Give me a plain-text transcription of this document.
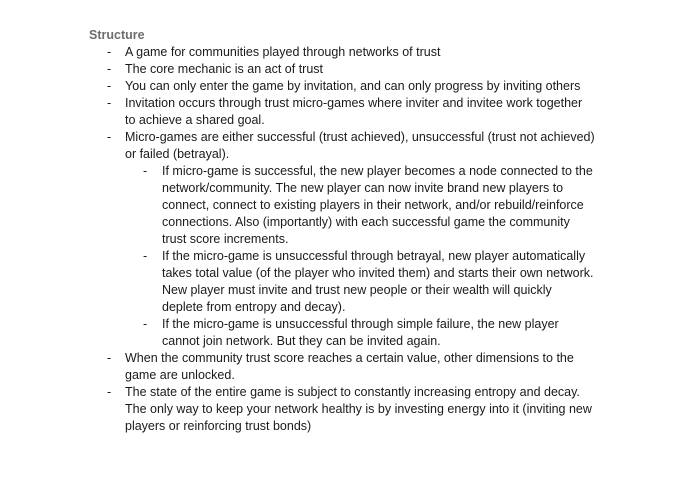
Structure
- A game for communities played through networks of trust
- The core mechanic is an act of trust
- You can only enter the game by invitation, and can only progress by inviting others
- Invitation occurs through trust micro-games where inviter and invitee work together to achieve a shared goal.
- Micro-games are either successful (trust achieved), unsuccessful (trust not achieved) or failed (betrayal).
- If micro-game is successful, the new player becomes a node connected to the network/community. The new player can now invite brand new players to connect, connect to existing players in their network, and/or rebuild/reinforce connections. Also (importantly) with each successful game the community trust score increments.
- If the micro-game is unsuccessful through betrayal, new player automatically takes total value (of the player who invited them) and starts their own network. New player must invite and trust new people or their wealth will quickly deplete from entropy and decay).
- If the micro-game is unsuccessful through simple failure, the new player cannot join network. But they can be invited again.
- When the community trust score reaches a certain value, other dimensions to the game are unlocked.
- The state of the entire game is subject to constantly increasing entropy and decay. The only way to keep your network healthy is by investing energy into it (inviting new players or reinforcing trust bonds)
